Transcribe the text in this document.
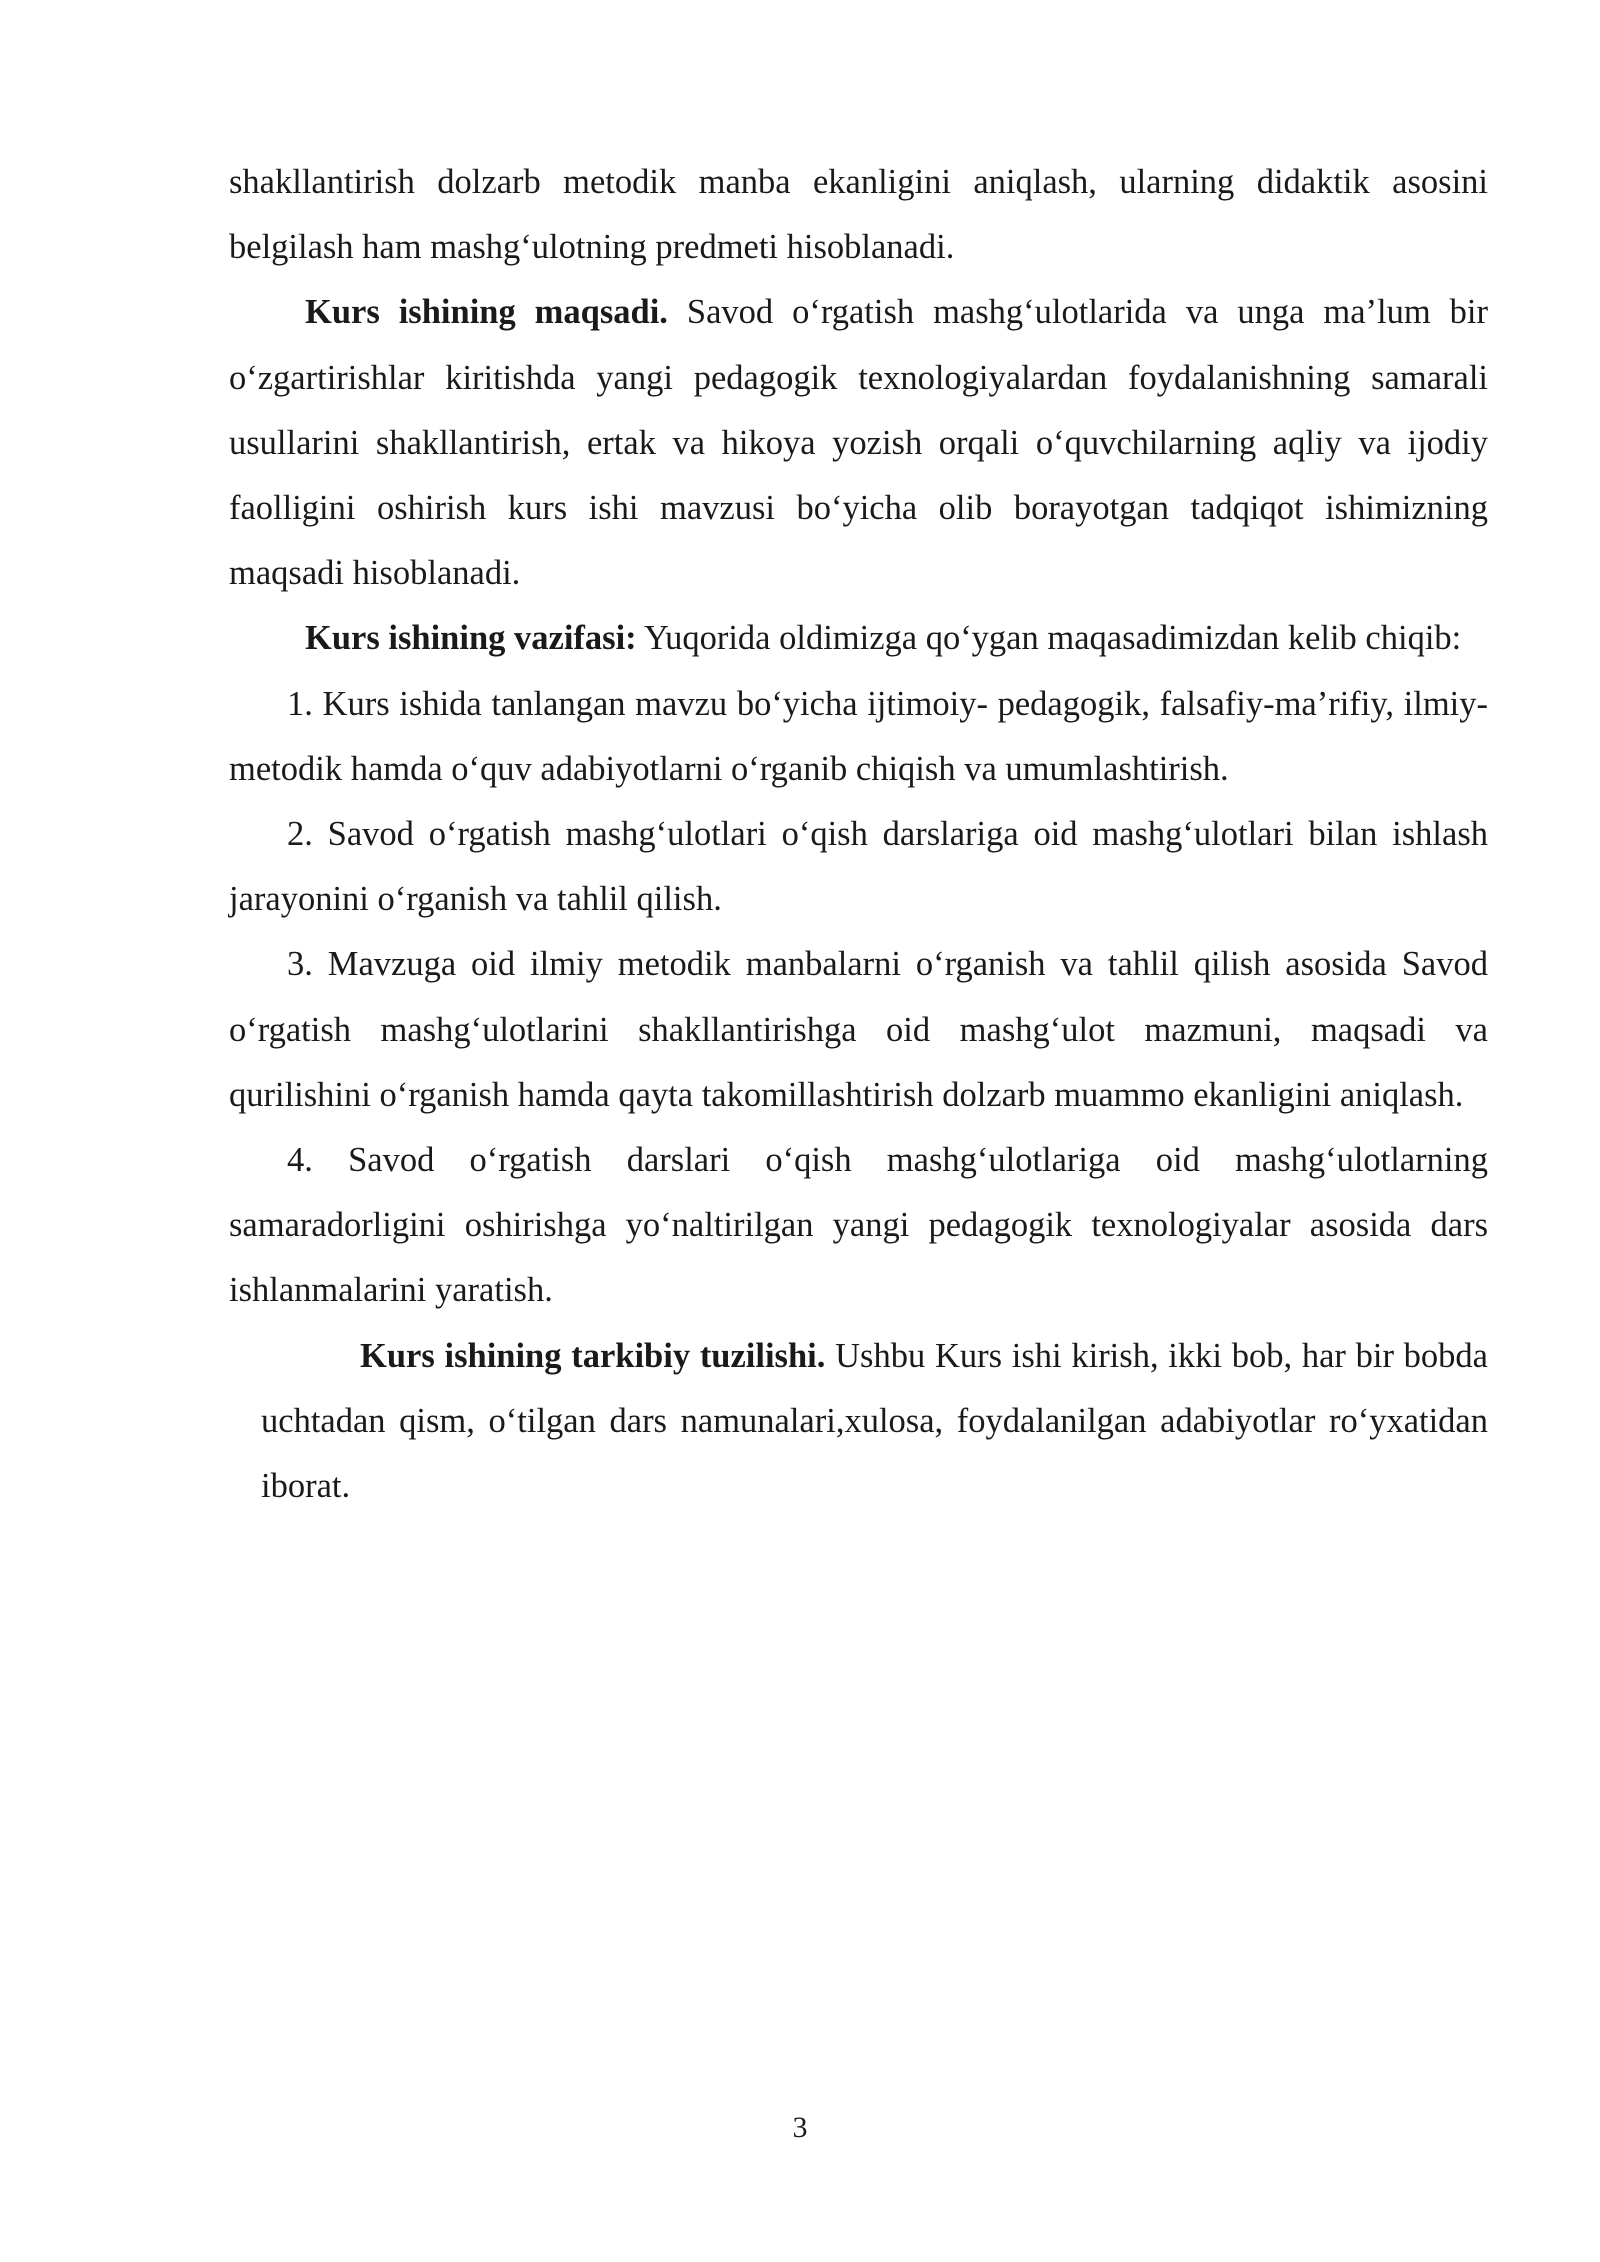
shakllantirish dolzarb metodik manba ekanligini aniqlash, ularning didaktik asosini belgilash ham mashg‘ulotning predmeti hisoblanadi.

Kurs ishining maqsadi. Savod o‘rgatish mashg‘ulotlarida va unga ma’lum bir o‘zgartirishlar kiritishda yangi pedagogik texnologiyalardan foydalanishning samarali usullarini shakllantirish, ertak va hikoya yozish orqali o‘quvchilarning aqliy va ijodiy faolligini oshirish kurs ishi mavzusi bo‘yicha olib borayotgan tadqiqot ishimizning maqsadi hisoblanadi.

Kurs ishining vazifasi: Yuqorida oldimizga qo‘ygan maqasadimizdan kelib chiqib:

1. Kurs ishida tanlangan mavzu bo‘yicha ijtimoiy- pedagogik, falsafiy-ma’rifiy, ilmiy-metodik hamda o‘quv adabiyotlarni o‘rganib chiqish va umumlashtirish.

2. Savod o‘rgatish mashg‘ulotlari o‘qish darslariga oid mashg‘ulotlari bilan ishlash jarayonini o‘rganish va tahlil qilish.

3. Mavzuga oid ilmiy metodik manbalarni o‘rganish va tahlil qilish asosida Savod o‘rgatish mashg‘ulotlarini shakllantirishga oid mashg‘ulot mazmuni, maqsadi va qurilishini o‘rganish hamda qayta takomillashtirish dolzarb muammo ekanligini aniqlash.

4. Savod o‘rgatish darslari o‘qish mashg‘ulotlariga oid mashg‘ulotlarning samaradorligini oshirishga yo‘naltirilgan yangi pedagogik texnologiyalar asosida dars ishlanmalarini yaratish.

Kurs ishining tarkibiy tuzilishi. Ushbu Kurs ishi kirish, ikki bob, har bir bobda uchtadan qism, o‘tilgan dars namunalari,xulosa, foydalanilgan adabiyotlar ro‘yxatidan iborat.

3
